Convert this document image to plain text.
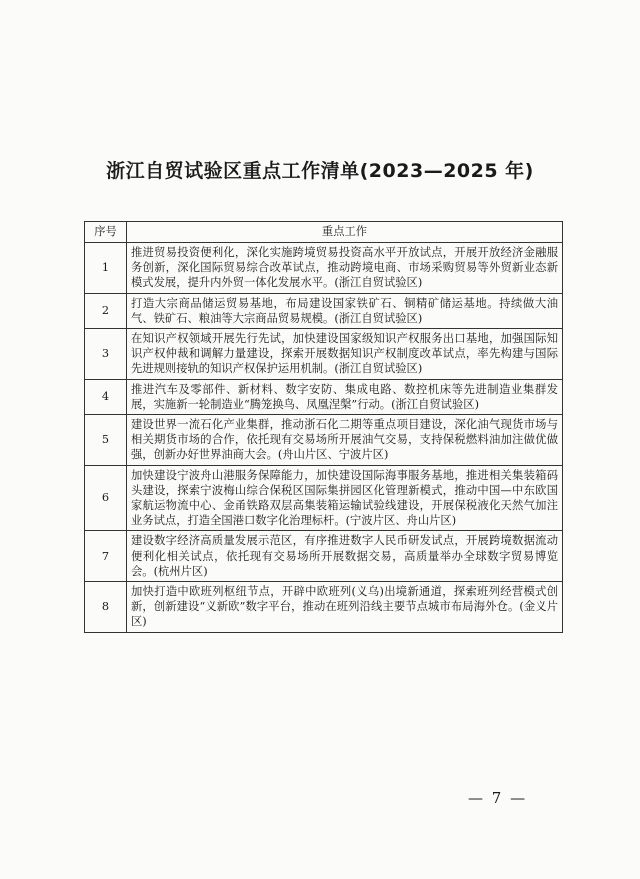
浙江自贸试验区重点工作清单(2023—2025 年)
序号	重点工作
1	推进贸易投资便利化，深化实施跨境贸易投资高水平开放试点，开展开放经济金融服务创新，深化国际贸易综合改革试点，推动跨境电商、市场采购贸易等外贸新业态新模式发展，提升内外贸一体化发展水平。(浙江自贸试验区)
2	打造大宗商品储运贸易基地，布局建设国家铁矿石、铜精矿储运基地。持续做大油气、铁矿石、粮油等大宗商品贸易规模。(浙江自贸试验区)
3	在知识产权领域开展先行先试，加快建设国家级知识产权服务出口基地，加强国际知识产权仲裁和调解力量建设，探索开展数据知识产权制度改革试点，率先构建与国际先进规则接轨的知识产权保护运用机制。(浙江自贸试验区)
4	推进汽车及零部件、新材料、数字安防、集成电路、数控机床等先进制造业集群发展，实施新一轮制造业“腾笼换鸟、凤凰涅槃”行动。(浙江自贸试验区)
5	建设世界一流石化产业集群，推动浙石化二期等重点项目建设，深化油气现货市场与相关期货市场的合作，依托现有交易场所开展油气交易，支持保税燃料油加注做优做强，创新办好世界油商大会。(舟山片区、宁波片区)
6	加快建设宁波舟山港服务保障能力，加快建设国际海事服务基地，推进相关集装箱码头建设，探索宁波梅山综合保税区国际集拼园区化管理新模式，推动中国—中东欧国家航运物流中心、金甬铁路双层高集装箱运输试验线建设，开展保税液化天然气加注业务试点，打造全国港口数字化治理标杆。(宁波片区、舟山片区)
7	建设数字经济高质量发展示范区，有序推进数字人民币研发试点，开展跨境数据流动便利化相关试点，依托现有交易场所开展数据交易，高质量举办全球数字贸易博览会。(杭州片区)
8	加快打造中欧班列枢纽节点，开辟中欧班列(义乌)出境新通道，探索班列经营模式创新，创新建设“义新欧”数字平台，推动在班列沿线主要节点城市布局海外仓。(金义片区)
— 7 —
